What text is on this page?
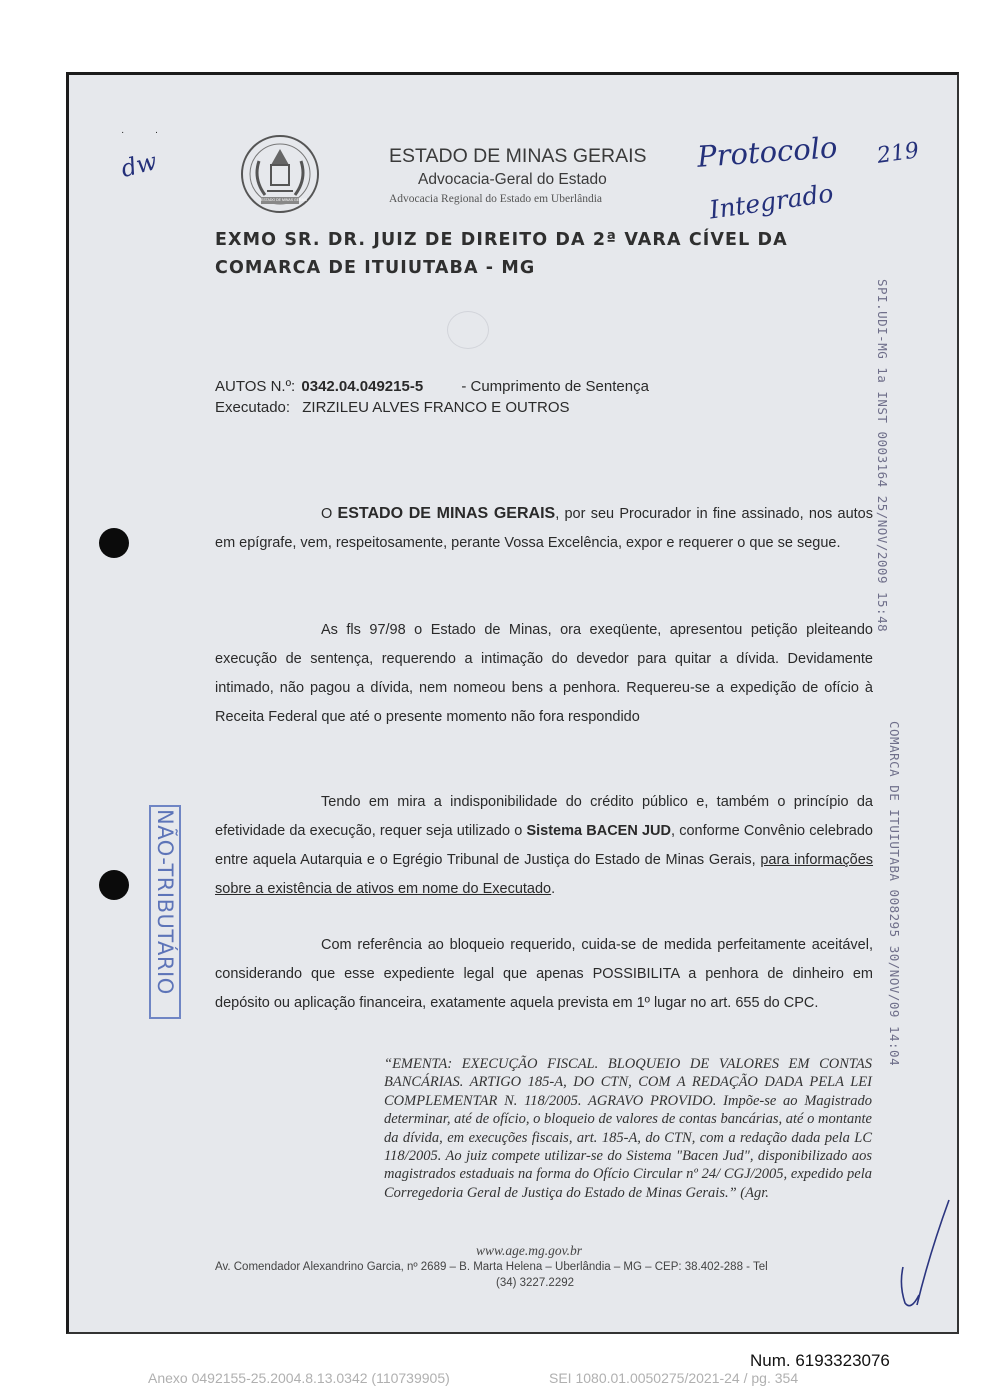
dw
·           ·
ESTADO DE MINAS GERAIS
ESTADO DE MINAS GERAIS
Advocacia-Geral do Estado
Advocacia Regional do Estado em Uberlândia
Protocolo
Integrado
219
EXMO SR. DR. JUIZ DE DIREITO DA 2ª VARA CÍVEL DA
COMARCA DE ITUIUTABA - MG
SPI.UDI-MG 1a INST 0003164 25/NOV/2009 15:48
COMARCA DE ITUIUTABA 008295 30/NOV/09 14:04
AUTOS N.º: 0342.04.049215-5	- Cumprimento de Sentença
Executado: ZIRZILEU ALVES FRANCO E OUTROS
NÃO-TRIBUTÁRIO
O ESTADO DE MINAS GERAIS, por seu Procurador in fine assinado, nos autos em epígrafe, vem, respeitosamente, perante Vossa Excelência, expor e requerer o que se segue.
As fls 97/98 o Estado de Minas, ora exeqüente, apresentou petição pleiteando execução de sentença, requerendo a intimação do devedor para quitar a dívida. Devidamente intimado, não pagou a dívida, nem nomeou bens a penhora. Requereu-se a expedição de ofício à Receita Federal que até o presente momento não fora respondido
Tendo em mira a indisponibilidade do crédito público e, também o princípio da efetividade da execução, requer seja utilizado o Sistema BACEN JUD, conforme Convênio celebrado entre aquela Autarquia e o Egrégio Tribunal de Justiça do Estado de Minas Gerais, para informações sobre a existência de ativos em nome do Executado.
Com referência ao bloqueio requerido, cuida-se de medida perfeitamente aceitável, considerando que esse expediente legal que apenas POSSIBILITA a penhora de dinheiro em depósito ou aplicação financeira, exatamente aquela prevista em 1º lugar no art. 655 do CPC.
“EMENTA: EXECUÇÃO FISCAL. BLOQUEIO DE VALORES EM CONTAS BANCÁRIAS. ARTIGO 185-A, DO CTN, COM A REDAÇÃO DADA PELA LEI COMPLEMENTAR N. 118/2005. AGRAVO PROVIDO. Impõe-se ao Magistrado determinar, até de ofício, o bloqueio de valores de contas bancárias, até o montante da dívida, em execuções fiscais, art. 185-A, do CTN, com a redação dada pela LC 118/2005. Ao juiz compete utilizar-se do Sistema "Bacen Jud", disponibilizado aos magistrados estaduais na forma do Ofício Circular nº 24/ CGJ/2005, expedido pela Corregedoria Geral de Justiça do Estado de Minas Gerais.” (Agr.
www.age.mg.gov.br
Av. Comendador Alexandrino Garcia, nº 2689 – B. Marta Helena – Uberlândia – MG – CEP: 38.402-288 - Tel
(34) 3227.2292
Num. 6193323076
Anexo 0492155-25.2004.8.13.0342 (110739905)	SEI 1080.01.0050275/2021-24 / pg. 354
